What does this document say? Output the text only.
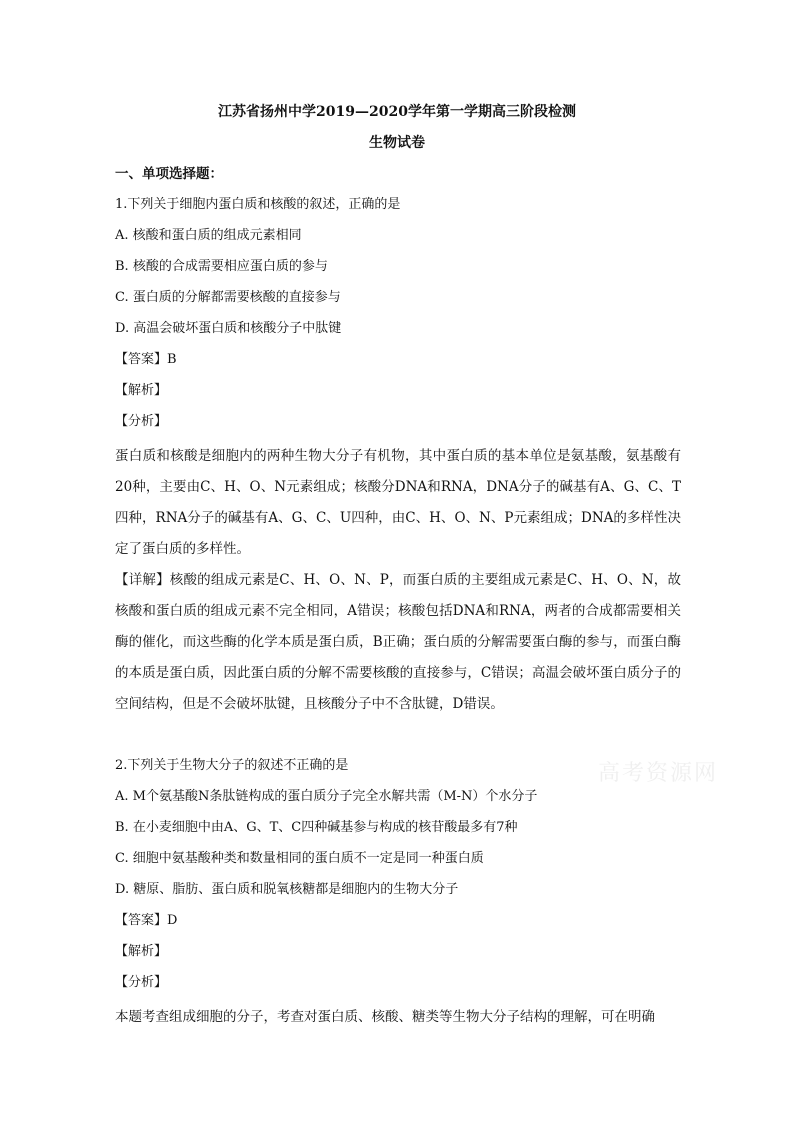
江苏省扬州中学2019—2020学年第一学期高三阶段检测
生物试卷
一、单项选择题：
1.下列关于细胞内蛋白质和核酸的叙述，正确的是
A. 核酸和蛋白质的组成元素相同
B. 核酸的合成需要相应蛋白质的参与
C. 蛋白质的分解都需要核酸的直接参与
D. 高温会破坏蛋白质和核酸分子中肽键
【答案】B
【解析】
【分析】
蛋白质和核酸是细胞内的两种生物大分子有机物，其中蛋白质的基本单位是氨基酸，氨基酸有20种，主要由C、H、O、N元素组成；核酸分DNA和RNA，DNA分子的碱基有A、G、C、T四种，RNA分子的碱基有A、G、C、U四种，由C、H、O、N、P元素组成；DNA的多样性决定了蛋白质的多样性。
【详解】核酸的组成元素是C、H、O、N、P，而蛋白质的主要组成元素是C、H、O、N，故核酸和蛋白质的组成元素不完全相同，A错误；核酸包括DNA和RNA，两者的合成都需要相关酶的催化，而这些酶的化学本质是蛋白质，B正确；蛋白质的分解需要蛋白酶的参与，而蛋白酶的本质是蛋白质，因此蛋白质的分解不需要核酸的直接参与，C错误；高温会破坏蛋白质分子的空间结构，但是不会破坏肽键，且核酸分子中不含肽键，D错误。
2.下列关于生物大分子的叙述不正确的是
A. M个氨基酸N条肽链构成的蛋白质分子完全水解共需（M-N）个水分子
B. 在小麦细胞中由A、G、T、C四种碱基参与构成的核苷酸最多有7种
C. 细胞中氨基酸种类和数量相同的蛋白质不一定是同一种蛋白质
D. 糖原、脂肪、蛋白质和脱氧核糖都是细胞内的生物大分子
【答案】D
【解析】
【分析】
本题考查组成细胞的分子，考查对蛋白质、核酸、糖类等生物大分子结构的理解，可在明确
高考资源网
